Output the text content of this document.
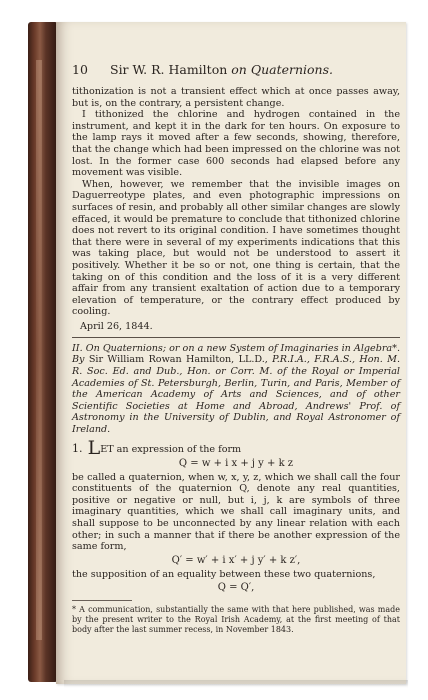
10 Sir W. R. Hamilton on Quaternions.

tithonization is not a transient effect which at once passes away, but is, on the contrary, a persistent change.

I tithonized the chlorine and hydrogen contained in the instrument, and kept it in the dark for ten hours. On exposure to the lamp rays it moved after a few seconds, showing, therefore, that the change which had been impressed on the chlorine was not lost. In the former case 600 seconds had elapsed before any movement was visible.

When, however, we remember that the invisible images on Daguerreotype plates, and even photographic impressions on surfaces of resin, and probably all other similar changes are slowly effaced, it would be premature to conclude that tithonized chlorine does not revert to its original condition. I have sometimes thought that there were in several of my experiments indications that this was taking place, but would not be understood to assert it positively. Whether it be so or not, one thing is certain, that the taking on of this condition and the loss of it is a very different affair from any transient exaltation of action due to a temporary elevation of temperature, or the contrary effect produced by cooling.

April 26, 1844.

II. On Quaternions; or on a new System of Imaginaries in Algebra*. By Sir William Rowan Hamilton, LL.D., P.R.I.A., F.R.A.S., Hon. M. R. Soc. Ed. and Dub., Hon. or Corr. M. of the Royal or Imperial Academies of St. Petersburgh, Berlin, Turin, and Paris, Member of the American Academy of Arts and Sciences, and of other Scientific Societies at Home and Abroad, Andrews' Prof. of Astronomy in the University of Dublin, and Royal Astronomer of Ireland.

1. LET an expression of the form

Q = w + i x + j y + k z

be called a quaternion, when w, x, y, z, which we shall call the four constituents of the quaternion Q, denote any real quantities, positive or negative or null, but i, j, k are symbols of three imaginary quantities, which we shall call imaginary units, and shall suppose to be unconnected by any linear relation with each other; in such a manner that if there be another expression of the same form,

Q′ = w′ + i x′ + j y′ + k z′,

the supposition of an equality between these two quaternions,

Q = Q′,

* A communication, substantially the same with that here published, was made by the present writer to the Royal Irish Academy, at the first meeting of that body after the last summer recess, in November 1843.
